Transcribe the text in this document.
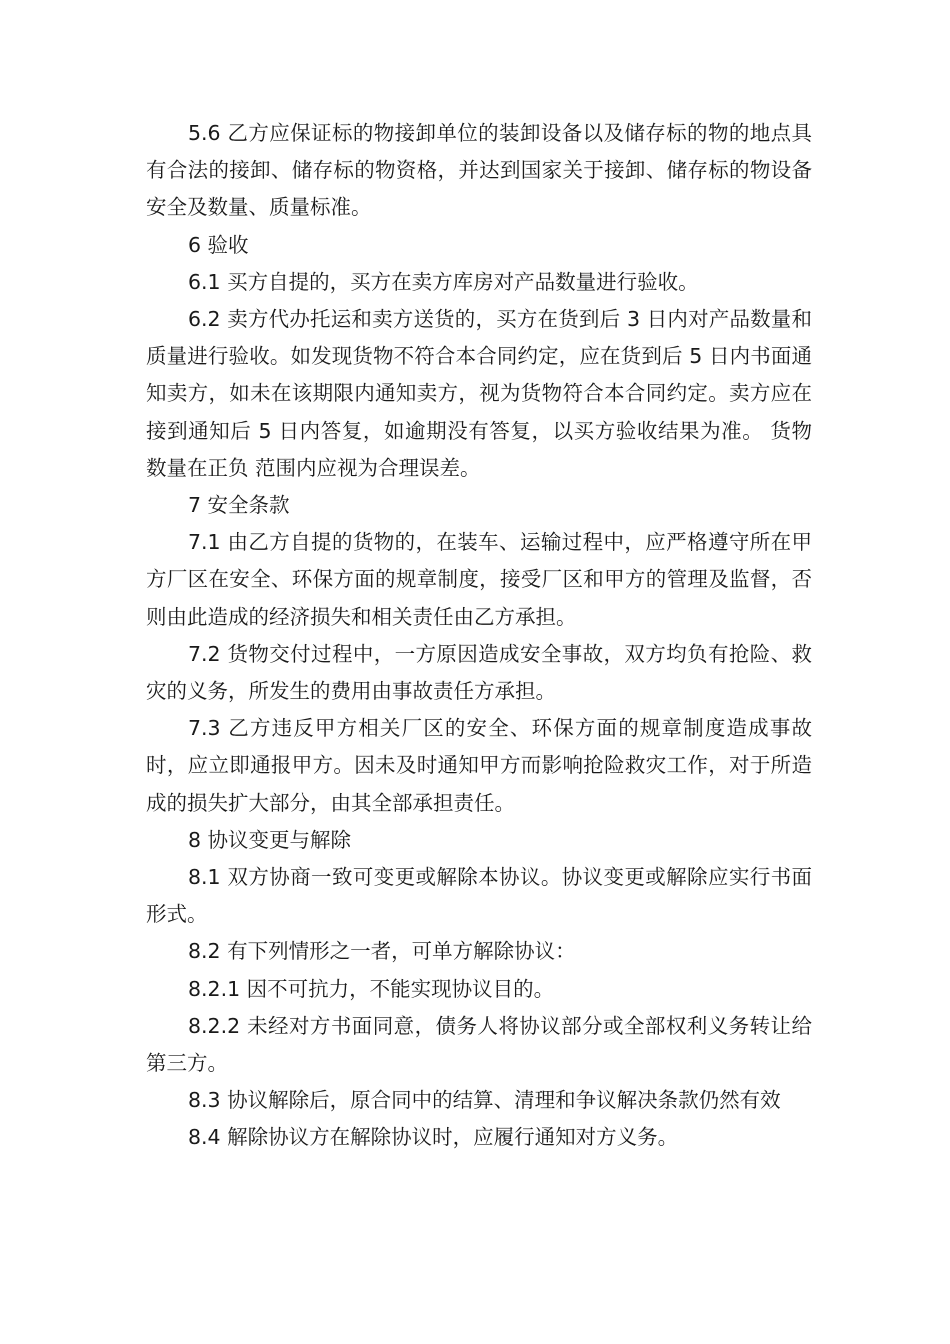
5.6 乙方应保证标的物接卸单位的装卸设备以及储存标的物的地点具有合法的接卸、储存标的物资格，并达到国家关于接卸、储存标的物设备安全及数量、质量标准。

6 验收

6.1 买方自提的，买方在卖方库房对产品数量进行验收。

6.2 卖方代办托运和卖方送货的，买方在货到后 3 日内对产品数量和质量进行验收。如发现货物不符合本合同约定，应在货到后 5 日内书面通知卖方，如未在该期限内通知卖方，视为货物符合本合同约定。卖方应在接到通知后 5 日内答复，如逾期没有答复，以买方验收结果为准。 货物数量在正负 范围内应视为合理误差。

7 安全条款

7.1 由乙方自提的货物的，在装车、运输过程中，应严格遵守所在甲方厂区在安全、环保方面的规章制度，接受厂区和甲方的管理及监督，否则由此造成的经济损失和相关责任由乙方承担。

7.2 货物交付过程中，一方原因造成安全事故，双方均负有抢险、救灾的义务，所发生的费用由事故责任方承担。

7.3 乙方违反甲方相关厂区的安全、环保方面的规章制度造成事故时，应立即通报甲方。因未及时通知甲方而影响抢险救灾工作，对于所造成的损失扩大部分，由其全部承担责任。

8 协议变更与解除

8.1 双方协商一致可变更或解除本协议。协议变更或解除应实行书面形式。

8.2 有下列情形之一者，可单方解除协议：

8.2.1 因不可抗力，不能实现协议目的。

8.2.2 未经对方书面同意，债务人将协议部分或全部权利义务转让给第三方。

8.3 协议解除后，原合同中的结算、清理和争议解决条款仍然有效

8.4 解除协议方在解除协议时，应履行通知对方义务。
